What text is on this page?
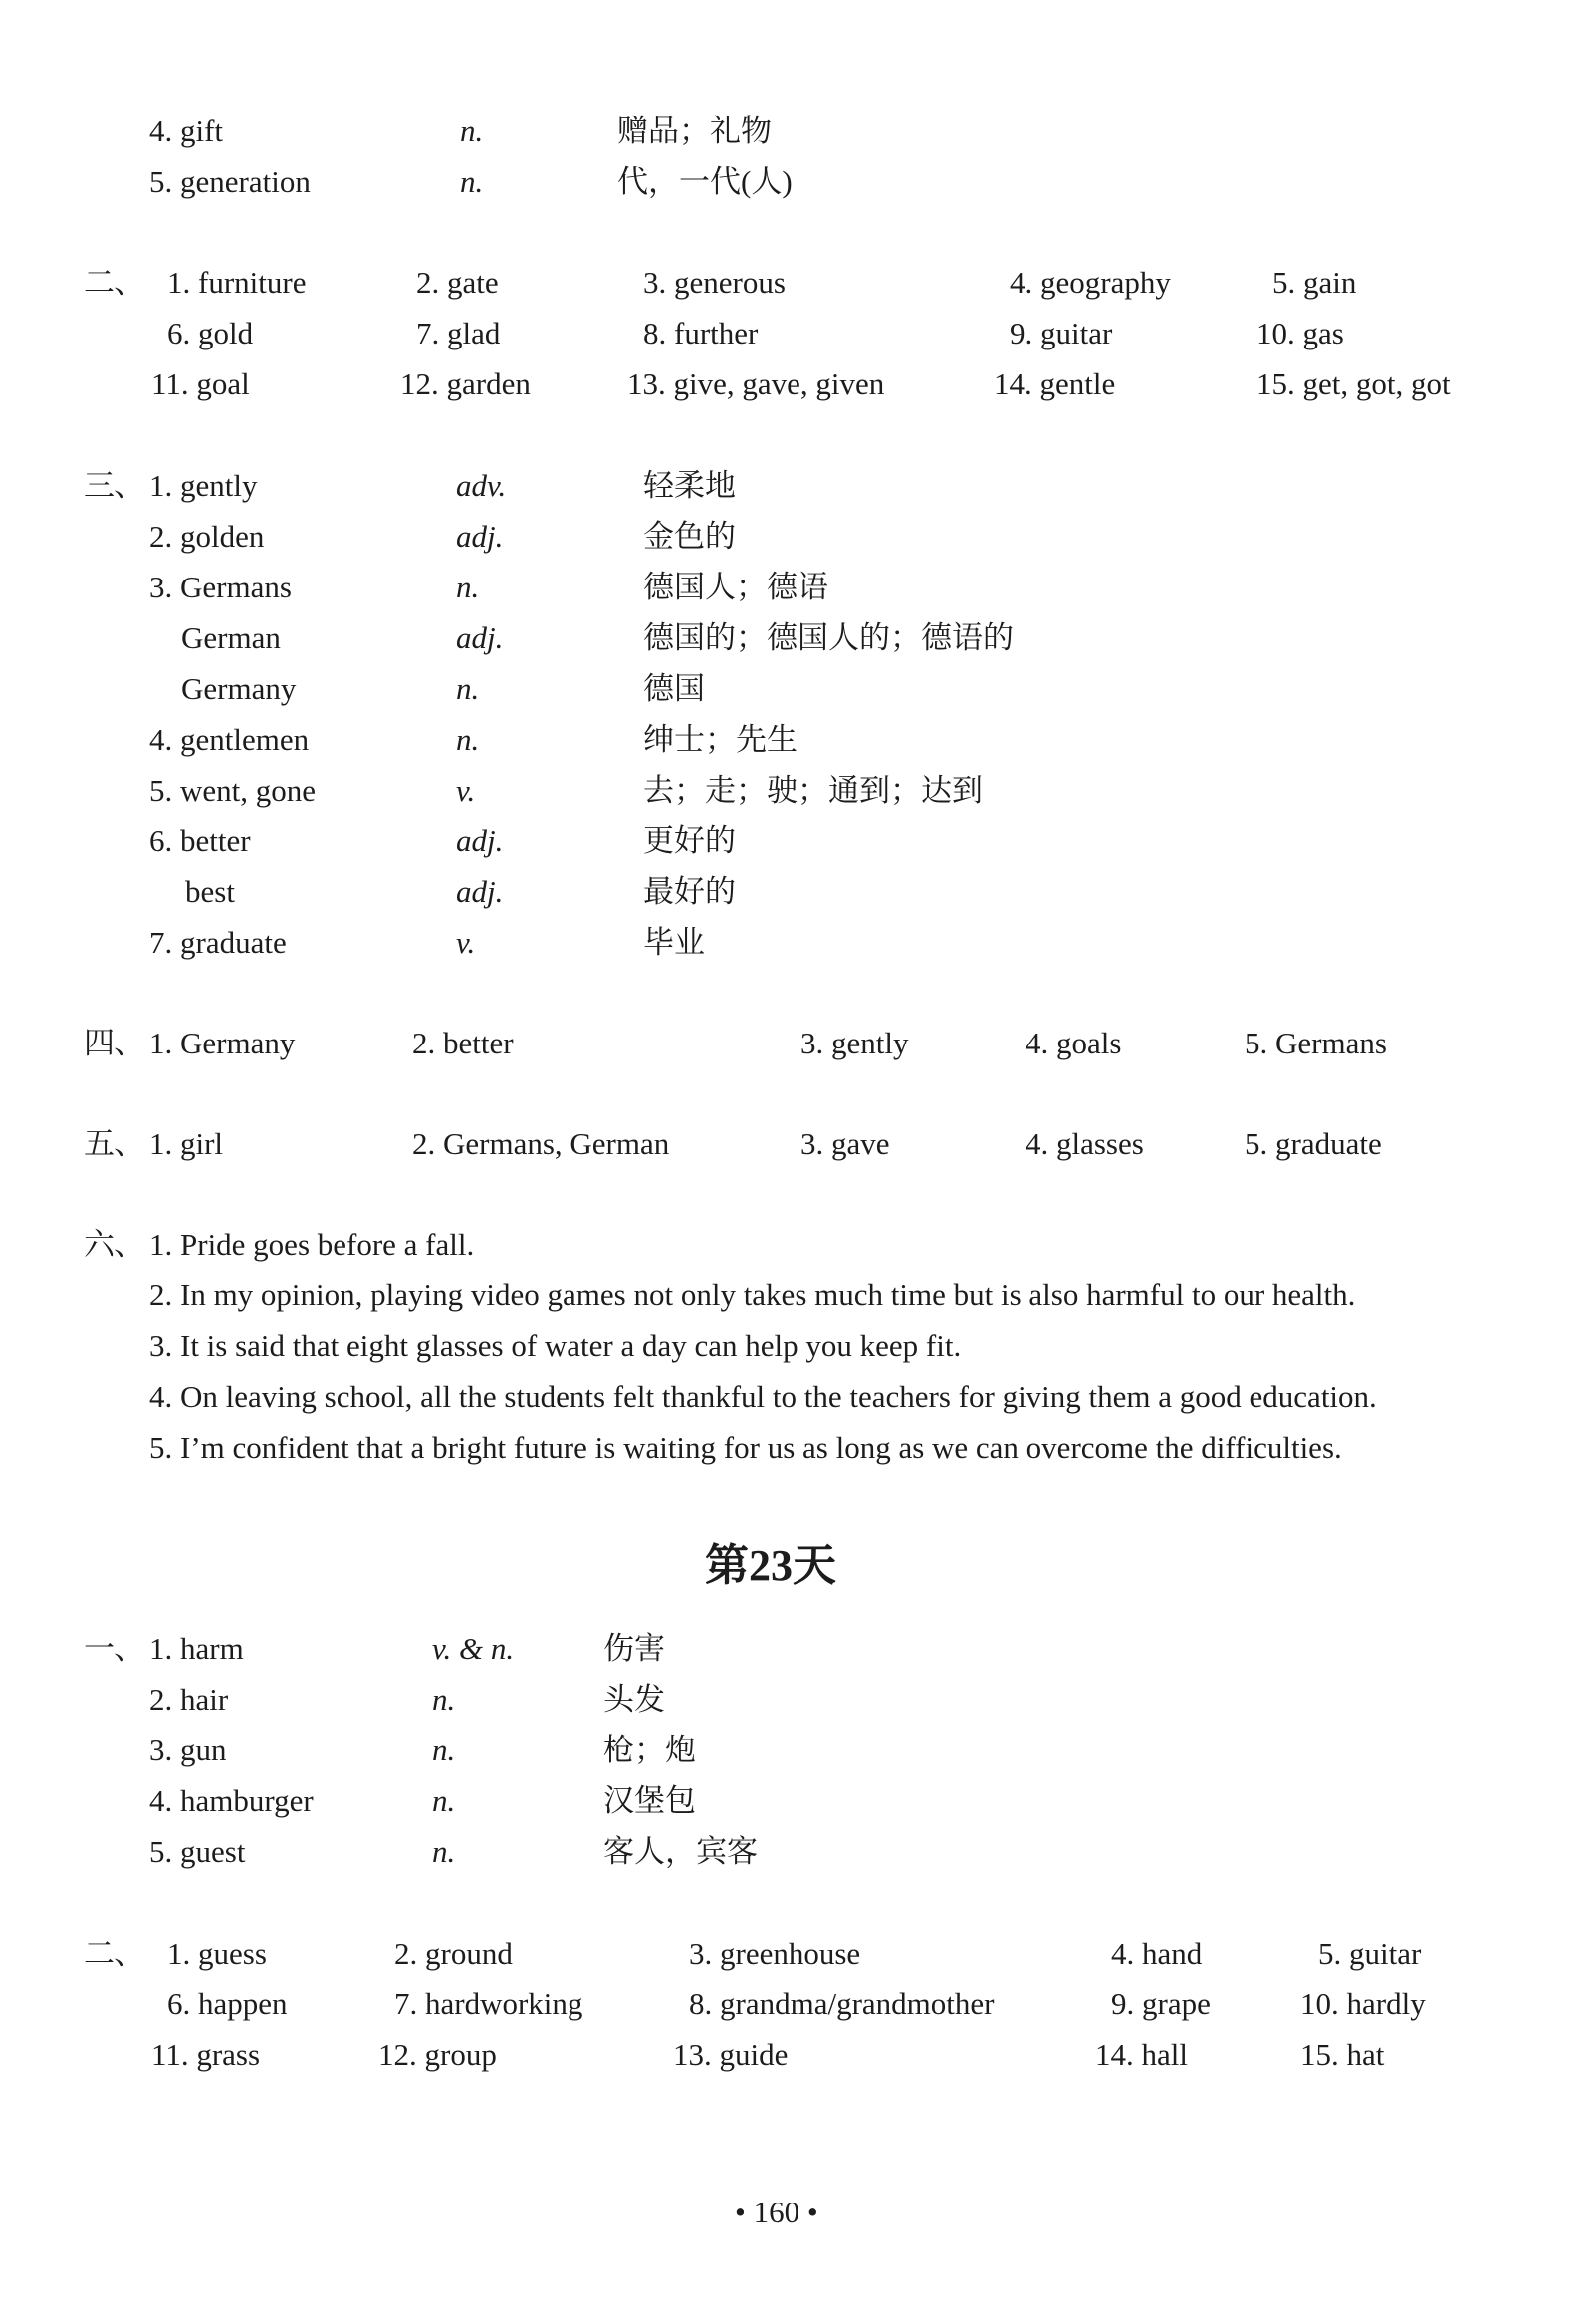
4. gift	n.	赠品；礼物
5. generation	n.	代，一代(人)
二、 1. furniture	2. gate	3. generous	4. geography	5. gain
6. gold	7. glad	8. further	9. guitar	10. gas
11. goal	12. garden	13. give, gave, given	14. gentle	15. get, got, got
三、 1. gently	adv.	轻柔地
2. golden	adj.	金色的
3. Germans	n.	德国人；德语
German	adj.	德国的；德国人的；德语的
Germany	n.	德国
4. gentlemen	n.	绅士；先生
5. went, gone	v.	去；走；驶；通到；达到
6. better	adj.	更好的
best	adj.	最好的
7. graduate	v.	毕业
四、 1. Germany	2. better	3. gently	4. goals	5. Germans
五、 1. girl	2. Germans, German	3. gave	4. glasses	5. graduate
六、 1. Pride goes before a fall.
2. In my opinion, playing video games not only takes much time but is also harmful to our health.
3. It is said that eight glasses of water a day can help you keep fit.
4. On leaving school, all the students felt thankful to the teachers for giving them a good education.
5. I’m confident that a bright future is waiting for us as long as we can overcome the difficulties.
第23天
一、 1. harm	v. & n.	伤害
2. hair	n.	头发
3. gun	n.	枪；炮
4. hamburger	n.	汉堡包
5. guest	n.	客人，宾客
二、 1. guess	2. ground	3. greenhouse	4. hand	5. guitar
6. happen	7. hardworking	8. grandma/grandmother	9. grape	10. hardly
11. grass	12. group	13. guide	14. hall	15. hat
• 160 •
